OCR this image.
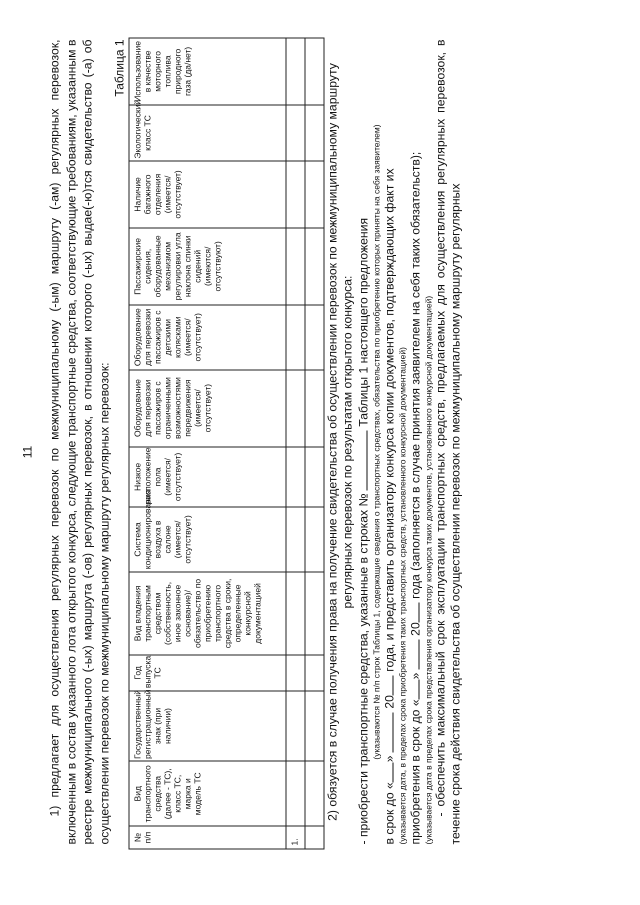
11 1) предлагает для осуществления регулярных перевозок по межмуниципальному (-ым) маршруту (-ам) регулярных перевозок, включенным в состав указанного лота открытого конкурса, следующие транспортные средства, соответствующие требованиям, указанным в реестре межмуниципального (-ых) маршрута (-ов) регулярных перевозок, в отношении которого (-ых) выдае(-ю)тся свидетельство (-а) об осуществлении перевозок по межмуниципальному маршруту регулярных перевозок:
Таблица 1
№ п/п	Вид транспортного средства (далее - ТС), класс ТС, марка и модель ТС	Государственный регистрационный знак (при наличии)	Год выпуска ТС	Вид владения транспортным средством (собственность, иное законное основание)/ обязательство по приобретению транспортного средства в сроки, определенные конкурсной документацией	Система кондиционирования воздуха в салоне (имеется/ отсутствует)	Низкое расположение пола (имеется/ отсутствует)	Оборудование для перевозки пассажиров с ограниченными возможностями передвижения (имеется/ отсутствует)	Оборудование для перевозки пассажиров с детскими колясками (имеется/ отсутствует)	Пассажирские сидения, оборудованные механизмом регулировки угла наклона спинки сидений (имеются/ отсутствуют)	Наличие багажного отделения (имеется/ отсутствует)	Экологический класс ТС	Использование в качестве моторного топлива природного газа (да/нет)
1.												

2) обязуется в случае получения права на получение свидетельства об осуществлении перевозок по межмуниципальному маршруту регулярных перевозок по результатам открытого конкурса:
- приобрести транспортные средства, указанные в строках №  Таблицы 1 настоящего предложения (указываются № п/п строк Таблицы 1, содержащие сведения о транспортных средствах, обязательства по приобретению которых приняты на себя заявителем)
в срок до «»  20 года, и представить организатору конкурса копии документов, подтверждающих факт их (указывается дата, в пределах срока приобретения таких транспортных средств, установленного конкурсной документацией) приобретения в срок до «»  20 года (заполняется в случае принятия заявителем на себя таких обязательств); (указывается дата в пределах срока представления организатору конкурса таких документов, установленного конкурсной документацией) - обеспечить максимальный срок эксплуатации транспортных средств, предлагаемых для осуществления регулярных перевозок, в течение срока действия свидетельства об осуществлении перевозок по межмуниципальному маршруту регулярных
